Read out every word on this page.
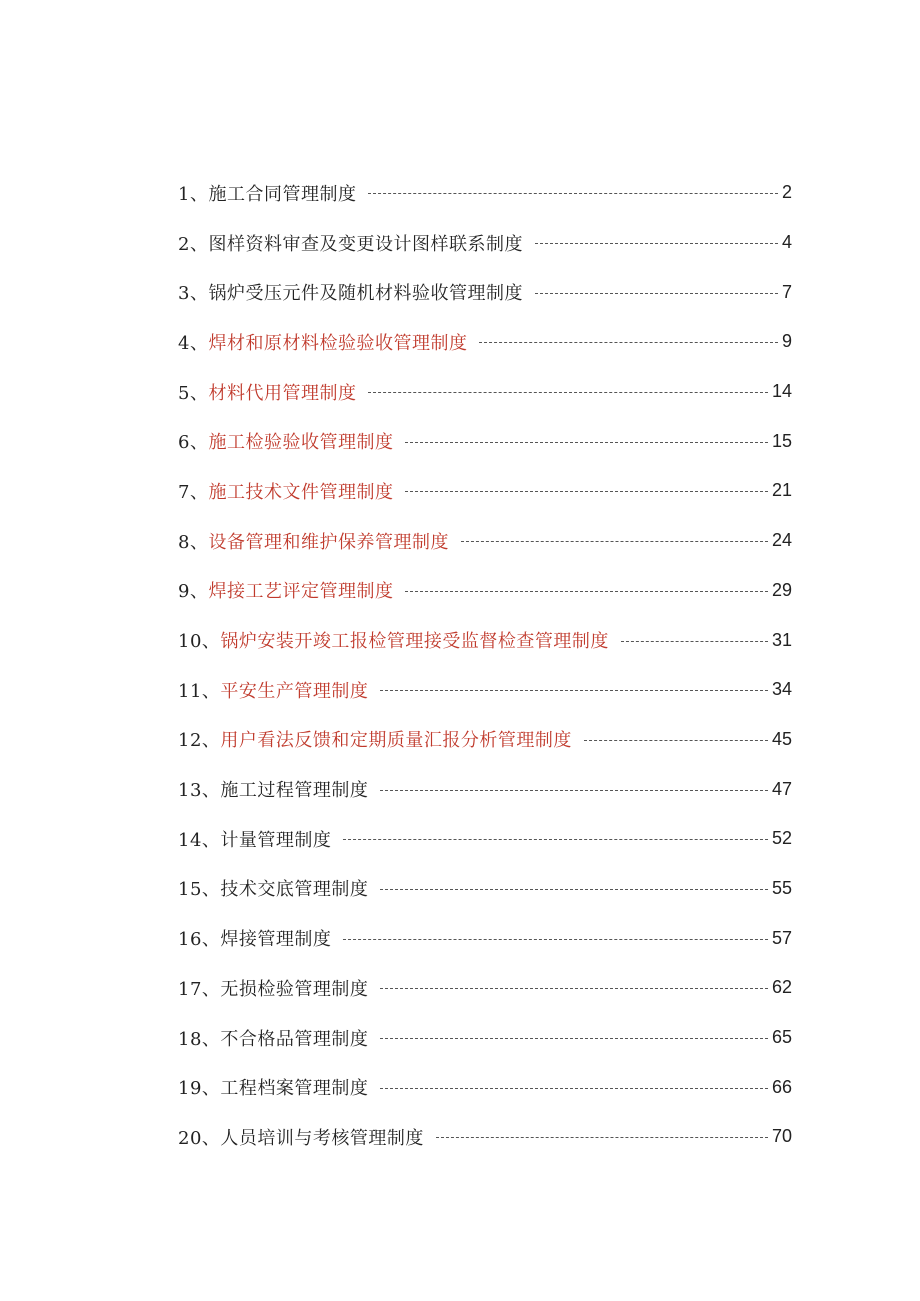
1、 施工合同管理制度	2
2、 图样资料审查及变更设计图样联系制度	4
3、 锅炉受压元件及随机材料验收管理制度	7
4、 焊材和原材料检验验收管理制度	9
5、 材料代用管理制度	14
6、 施工检验验收管理制度	15
7、 施工技术文件管理制度	21
8、 设备管理和维护保养管理制度	24
9、 焊接工艺评定管理制度	29
10、 锅炉安装开竣工报检管理接受监督检查管理制度	31
11、 平安生产管理制度	34
12、 用户看法反馈和定期质量汇报分析管理制度	45
13、 施工过程管理制度	47
14、 计量管理制度	52
15、 技术交底管理制度	55
16、 焊接管理制度	57
17、 无损检验管理制度	62
18、 不合格品管理制度	65
19、 工程档案管理制度	66
20、 人员培训与考核管理制度	70
